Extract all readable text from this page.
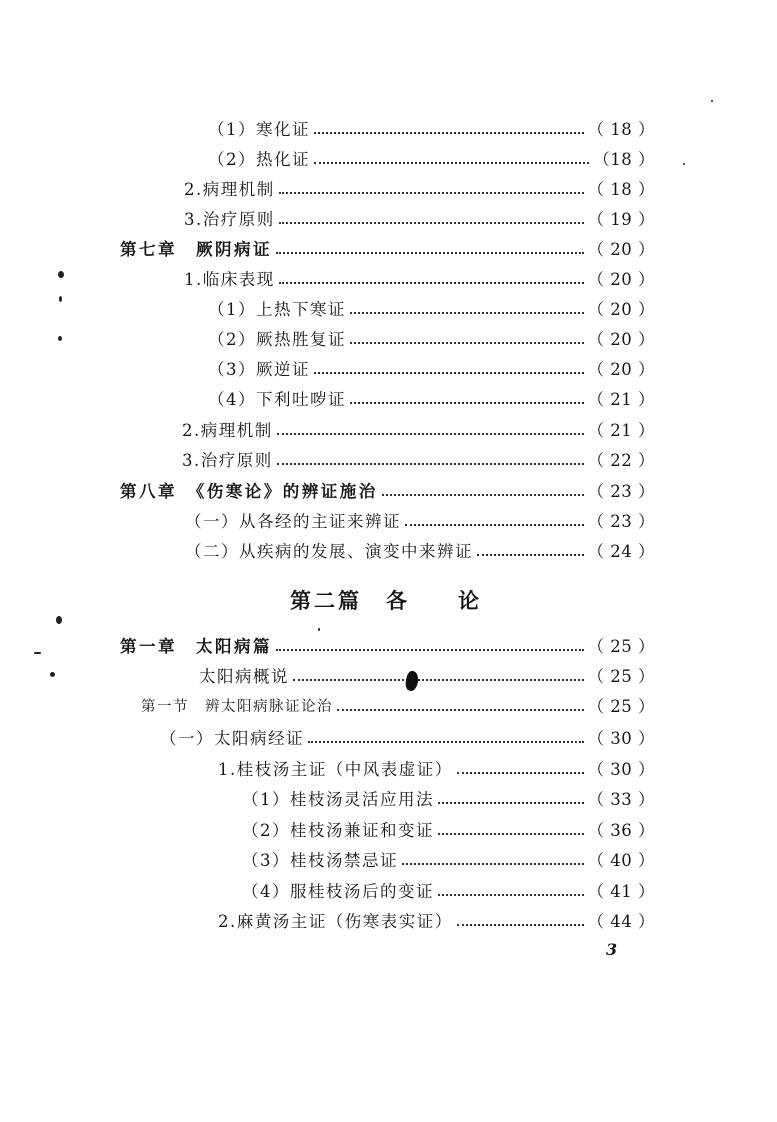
（1）寒化证	（ 18 ）
（2）热化证	（18 ）
2.病理机制	（ 18 ）
3.治疗原则	（ 19 ）
第七章　厥阴病证	（ 20 ）
1.临床表现	（ 20 ）
（1）上热下寒证	（ 20 ）
（2）厥热胜复证	（ 20 ）
（3）厥逆证	（ 20 ）
（4）下利吐哕证	（ 21 ）
2.病理机制	（ 21 ）
3.治疗原则	（ 22 ）
第八章　《伤寒论》的辨证施治	（ 23 ）
（一）从各经的主证来辨证	（ 23 ）
（二）从疾病的发展、演变中来辨证	（ 24 ）
第二篇　各　　论
第一章　太阳病篇	（ 25 ）
太阳病概说	（ 25 ）
第一节　辨太阳病脉证论治	（ 25 ）
（一）太阳病经证	（ 30 ）
1.桂枝汤主证（中风表虚证）	（ 30 ）
（1）桂枝汤灵活应用法	（ 33 ）
（2）桂枝汤兼证和变证	（ 36 ）
（3）桂枝汤禁忌证	（ 40 ）
（4）服桂枝汤后的变证	（ 41 ）
2.麻黄汤主证（伤寒表实证）	（ 44 ）
3
